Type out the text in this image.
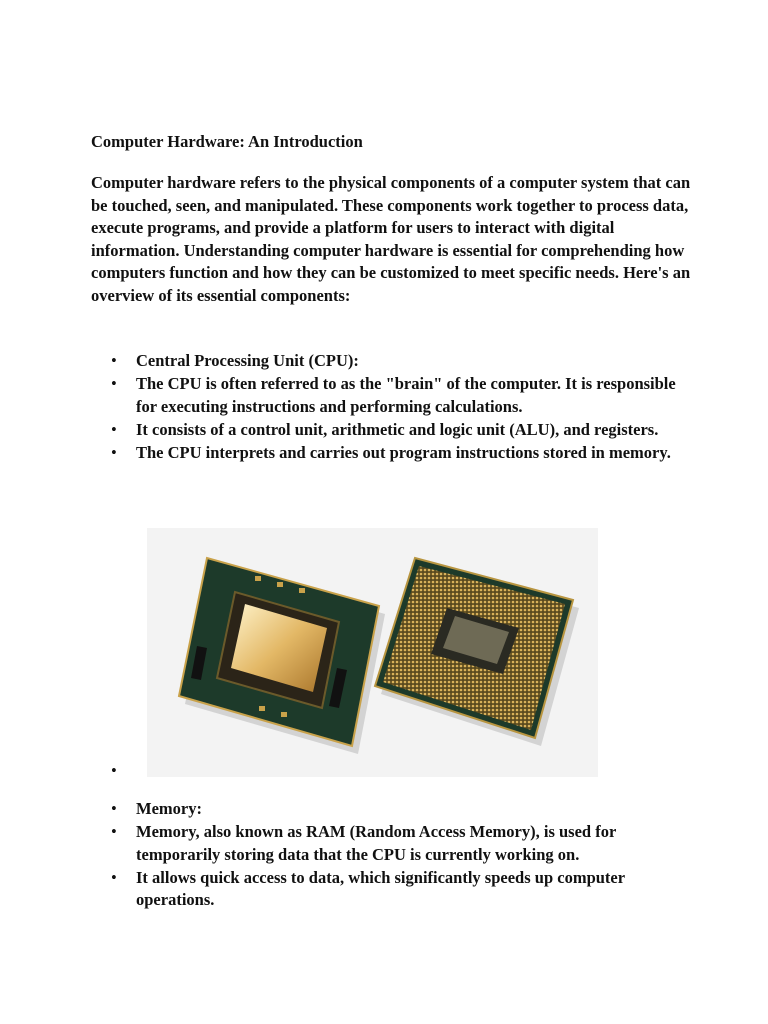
Computer Hardware: An Introduction
Computer hardware refers to the physical components of a computer system that can be touched, seen, and manipulated. These components work together to process data, execute programs, and provide a platform for users to interact with digital information. Understanding computer hardware is essential for comprehending how computers function and how they can be customized to meet specific needs. Here's an overview of its essential components:
• Central Processing Unit (CPU):
• The CPU is often referred to as the "brain" of the computer. It is responsible for executing instructions and performing calculations.
• It consists of a control unit, arithmetic and logic unit (ALU), and registers.
• The CPU interprets and carries out program instructions stored in memory.
•
• Memory:
• Memory, also known as RAM (Random Access Memory), is used for temporarily storing data that the CPU is currently working on.
• It allows quick access to data, which significantly speeds up computer operations.
